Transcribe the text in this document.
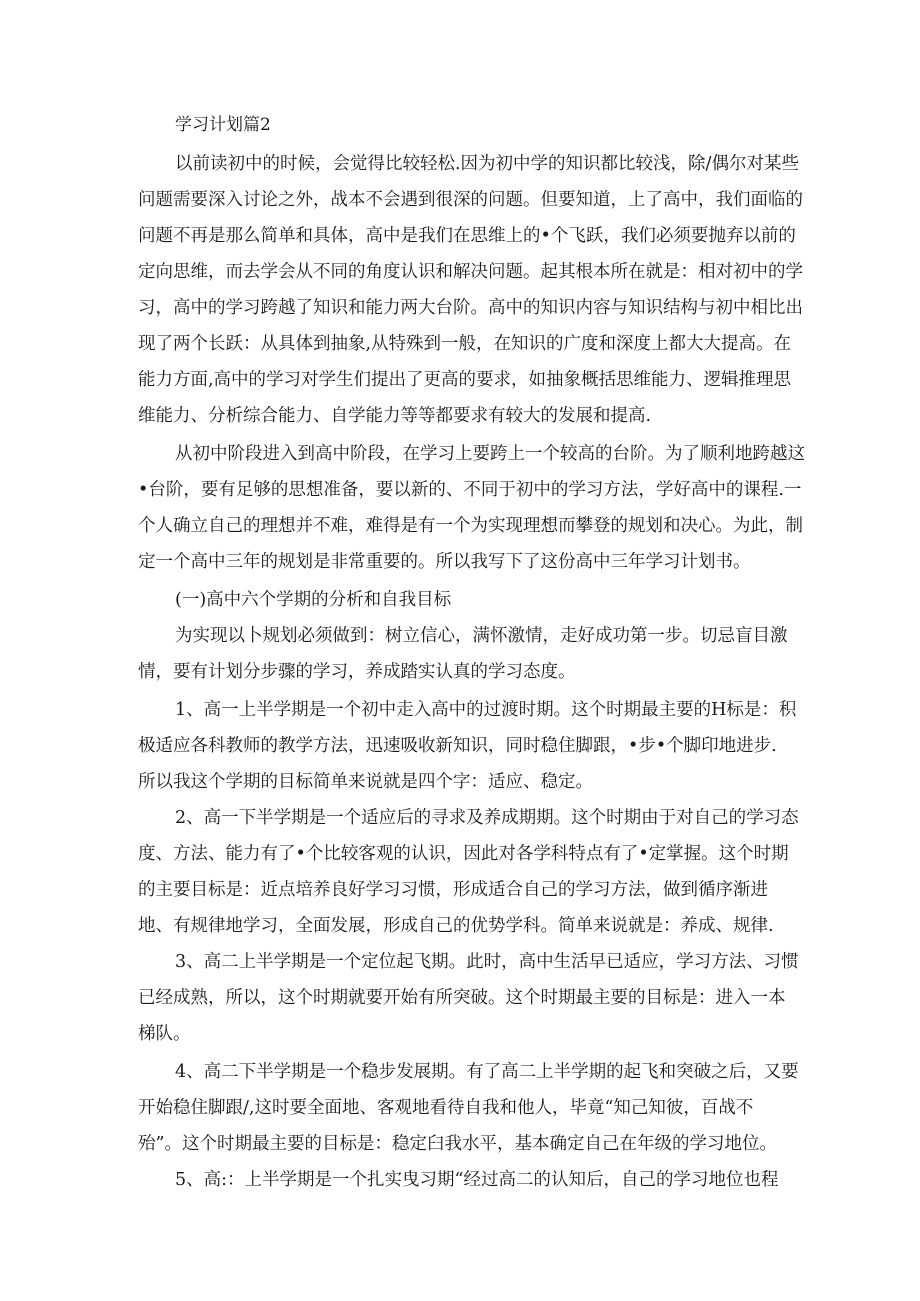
学习计划篇2

以前读初中的时候，会觉得比较轻松.因为初中学的知识都比较浅，除/偶尔对某些

问题需要深入讨论之外，战本不会遇到很深的问题。但要知道，上了高中，我们面临的

问题不再是那么简单和具体，高中是我们在思维上的•个飞跃，我们必须要抛弃以前的

定向思维，而去学会从不同的角度认识和解决问题。起其根本所在就是：相对初中的学

习，高中的学习跨越了知识和能力两大台阶。高中的知识内容与知识结构与初中相比出

现了两个长跃：从具体到抽象,从特殊到一般，在知识的广度和深度上都大大提高。在

能力方面,高中的学习对学生们提出了更高的要求，如抽象概括思维能力、逻辑推理思

维能力、分析综合能力、自学能力等等都要求有较大的发展和提高.

从初中阶段进入到高中阶段，在学习上要跨上一个较高的台阶。为了顺利地跨越这

•台阶，要有足够的思想准备，要以新的、不同于初中的学习方法，学好高中的课程.一

个人确立自己的理想并不难，难得是有一个为实现理想而攀登的规划和决心。为此，制

定一个高中三年的规划是非常重要的。所以我写下了这份高中三年学习计划书。

(一)高中六个学期的分析和自我目标

为实现以卜规划必须做到：树立信心，满怀激情，走好成功第一步。切忌盲目激

情，要有计划分步骤的学习，养成踏实认真的学习态度。

1、高一上半学期是一个初中走入高中的过渡时期。这个时期最主要的H标是：积

极适应各科教师的教学方法，迅速吸收新知识，同时稳住脚跟，•步•个脚印地进步.

所以我这个学期的目标简单来说就是四个字：适应、稳定。

2、高一下半学期是一个适应后的寻求及养成期期。这个时期由于对自己的学习态

度、方法、能力有了•个比较客观的认识，因此对各学科特点有了•定掌握。这个时期

的主要目标是：近点培养良好学习习惯，形成适合自己的学习方法，做到循序渐进

地、有规律地学习，全面发展，形成自己的优势学科。简单来说就是：养成、规律.

3、高二上半学期是一个定位起飞期。此时，高中生活早已适应，学习方法、习惯

已经成熟，所以，这个时期就要开始有所突破。这个时期最主要的目标是：进入一本

梯队。

4、高二下半学期是一个稳步发展期。有了高二上半学期的起飞和突破之后，又要

开始稳住脚跟/,这时要全面地、客观地看待自我和他人，毕竟“知己知彼，百战不

殆”。这个时期最主要的目标是：稳定臼我水平，基本确定自己在年级的学习地位。

5、高:：上半学期是一个扎实曳习期“经过高二的认知后，自己的学习地位也程
